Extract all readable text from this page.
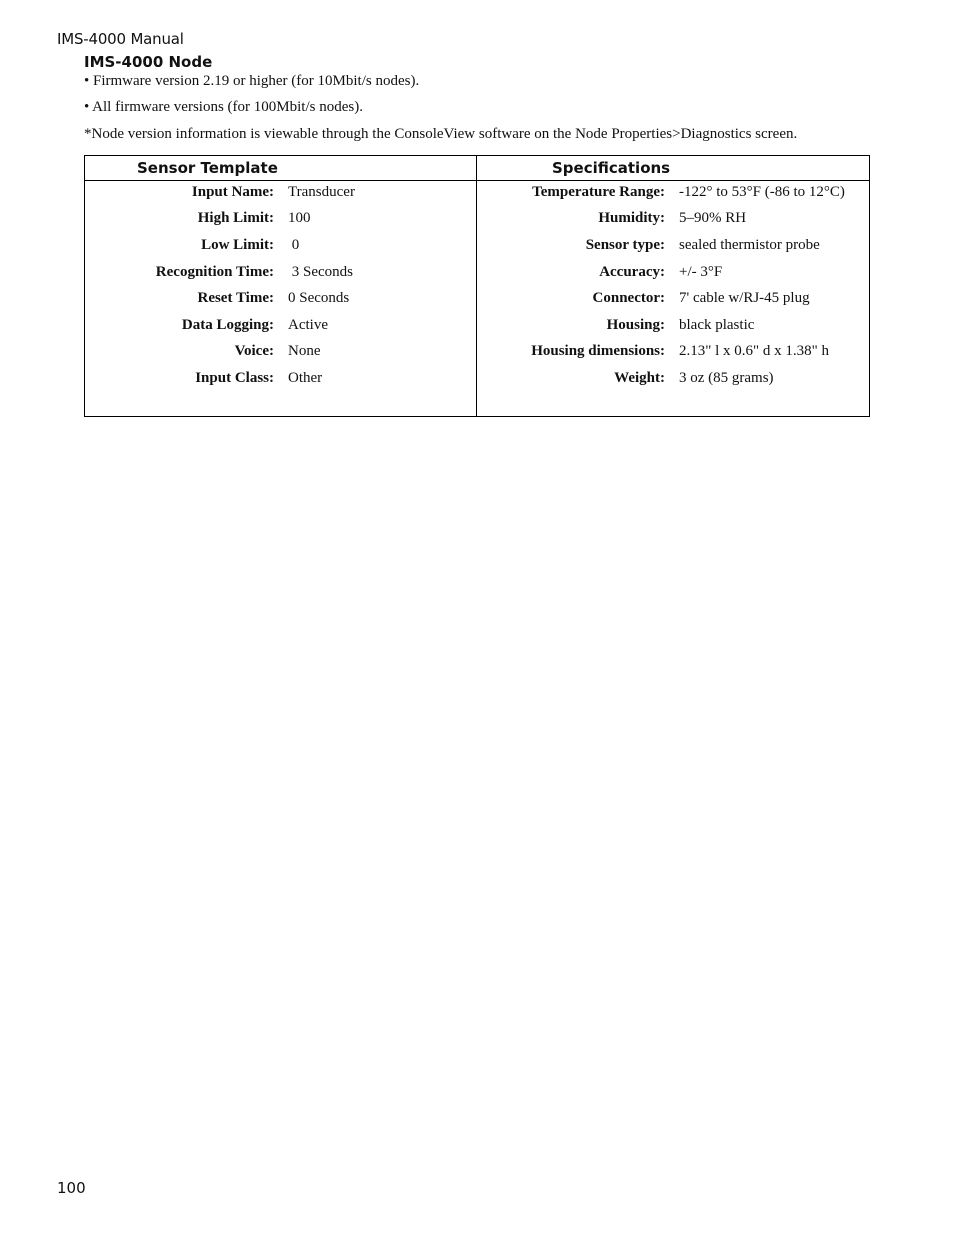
IMS-4000 Manual
IMS-4000 Node
• Firmware version 2.19 or higher (for 10Mbit/s nodes).
• All firmware versions (for 100Mbit/s nodes).
*Node version information is viewable through the ConsoleView software on the Node Properties>Diagnostics screen.
Sensor Template
Input Name: Transducer
High Limit: 100
Low Limit: 0
Recognition Time: 3 Seconds
Reset Time: 0 Seconds
Data Logging: Active
Voice: None
Input Class: Other
Specifications
Temperature Range: -122° to 53°F (-86 to 12°C)
Humidity: 5–90% RH
Sensor type: sealed thermistor probe
Accuracy: +/- 3°F
Connector: 7' cable w/RJ-45 plug
Housing: black plastic
Housing dimensions: 2.13" l x 0.6" d x 1.38" h
Weight: 3 oz (85 grams)
100
